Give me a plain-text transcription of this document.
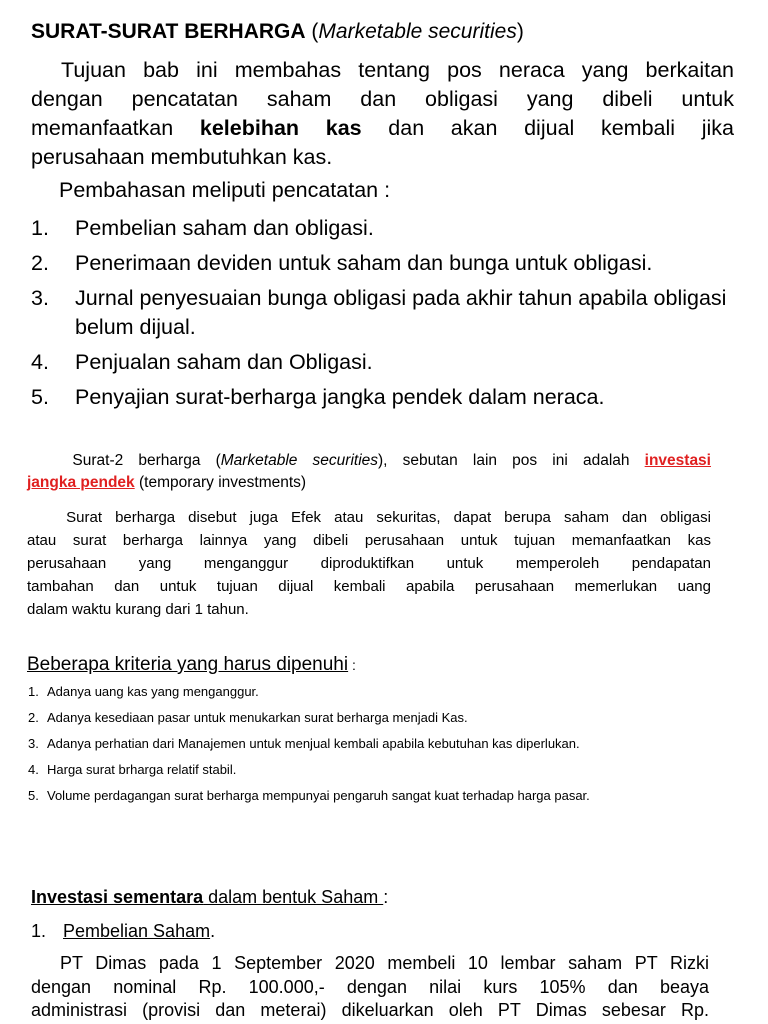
SURAT-SURAT BERHARGA (Marketable securities)
Tujuan bab ini membahas tentang pos neraca yang berkaitan
dengan pencatatan saham dan obligasi yang dibeli untuk
memanfaatkan kelebihan kas dan akan dijual kembali jika
perusahaan membutuhkan kas.
Pembahasan meliputi pencatatan :
1.	Pembelian saham dan obligasi.
2.	Penerimaan deviden untuk saham dan bunga untuk obligasi.
3.	Jurnal penyesuaian bunga obligasi pada akhir tahun apabila obligasi belum dijual.
4.	Penjualan saham dan Obligasi.
5.	Penyajian surat-berharga jangka pendek dalam neraca.
Surat-2 berharga (Marketable securities), sebutan lain pos ini adalah investasi
jangka pendek (temporary investments)
Surat berharga disebut juga Efek atau sekuritas, dapat berupa saham dan obligasi
atau surat berharga lainnya yang dibeli perusahaan untuk tujuan memanfaatkan kas
perusahaan yang menganggur diproduktifkan untuk memperoleh pendapatan
tambahan dan untuk tujuan dijual kembali apabila perusahaan memerlukan uang
dalam waktu kurang dari 1 tahun.
Beberapa kriteria yang harus dipenuhi :
1. Adanya uang kas yang menganggur.
2. Adanya kesediaan pasar untuk menukarkan surat berharga menjadi Kas.
3. Adanya perhatian dari Manajemen untuk menjual kembali apabila kebutuhan kas diperlukan.
4. Harga surat brharga relatif stabil.
5. Volume perdagangan surat berharga mempunyai pengaruh sangat kuat terhadap harga pasar.
Investasi sementara dalam bentuk Saham :
1. Pembelian Saham .
PT Dimas pada 1 September 2020 membeli 10 lembar saham PT Rizki
dengan nominal Rp. 100.000,- dengan nilai kurs 105% dan beaya
administrasi (provisi dan meterai) dikeluarkan oleh PT Dimas sebesar Rp.
